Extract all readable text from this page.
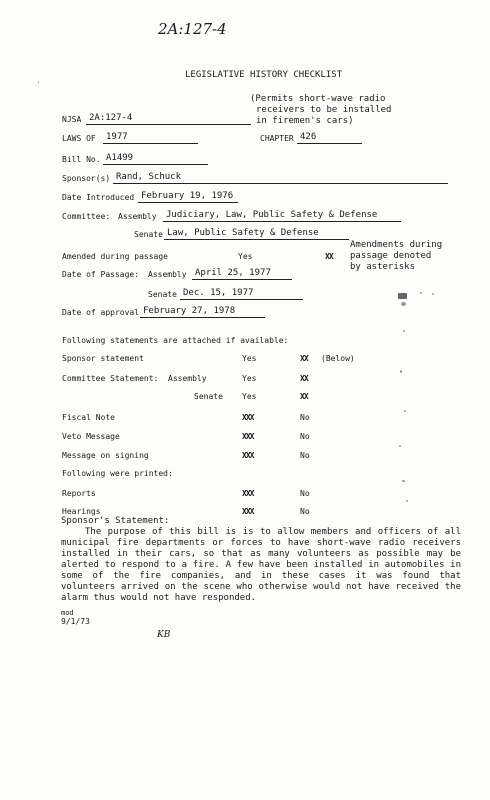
2A:127-4
·
LEGISLATIVE HISTORY CHECKLIST
(Permits short-wave radio
receivers to be installed
in firemen's cars)
NJSA 2A:127-4
LAWS OF	1977	CHAPTER 426
Bill No. A1499
Sponsor(s) Rand, Schuck
Date Introduced February 19, 1976
Committee: Assembly	Judiciary, Law, Public Safety & Defense
Senate Law, Public Safety & Defense
Amended during passage	Yes	XX
Amendments during
passage denoted
by asterisks
Date of Passage: Assembly April 25, 1977
Senate Dec. 15, 1977
Date of approval February 27, 1978
Following statements are attached if available:
Sponsor statement	Yes	XX (Below)
Committee Statement: Assembly	Yes	XX
Senate Yes	XX
Fiscal Note	XXX	No
Veto Message	XXX	No
Message on signing	XXX	No
Following were printed:
Reports	XXX	No
Hearings	XXX	No
Sponsor's Statement:
The purpose of this bill is is to allow members and officers of all municipal fire departments or forces to have short-wave radio receivers installed in their cars, so that as many volunteers as possible may be alerted to respond to a fire. A few have been installed in automobiles in some of the fire companies, and in these cases it was found that volunteers arrived on the scene who otherwise would not have received the alarm thus would not have responded.
mod
9/1/73
KB
